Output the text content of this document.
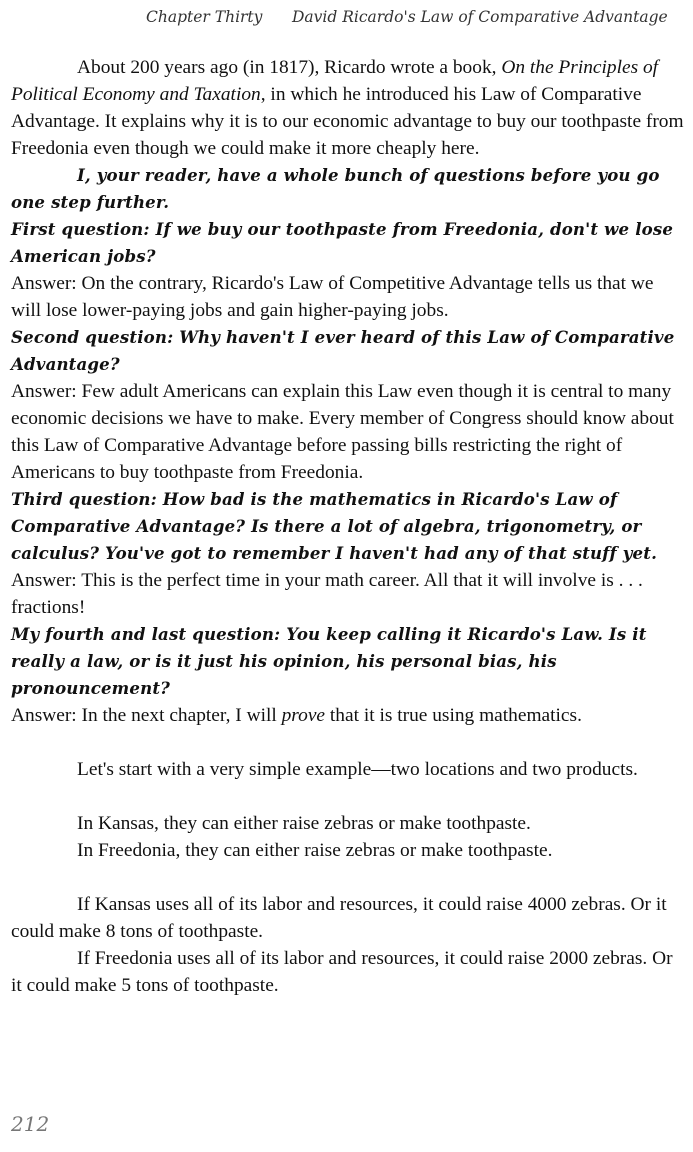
Chapter Thirty David Ricardo's Law of Comparative Advantage

About 200 years ago (in 1817), Ricardo wrote a book, On the Principles of Political Economy and Taxation, in which he introduced his Law of Comparative Advantage. It explains why it is to our economic advantage to buy our toothpaste from Freedonia even though we could make it more cheaply here.

I, your reader, have a whole bunch of questions before you go one step further.

First question: If we buy our toothpaste from Freedonia, don't we lose American jobs?

Answer: On the contrary, Ricardo's Law of Competitive Advantage tells us that we will lose lower-paying jobs and gain higher-paying jobs.

Second question: Why haven't I ever heard of this Law of Comparative Advantage?

Answer: Few adult Americans can explain this Law even though it is central to many economic decisions we have to make. Every member of Congress should know about this Law of Comparative Advantage before passing bills restricting the right of Americans to buy toothpaste from Freedonia.

Third question: How bad is the mathematics in Ricardo's Law of Comparative Advantage? Is there a lot of algebra, trigonometry, or calculus? You've got to remember I haven't had any of that stuff yet.

Answer: This is the perfect time in your math career. All that it will involve is . . . fractions!

My fourth and last question: You keep calling it Ricardo's Law. Is it really a law, or is it just his opinion, his personal bias, his pronouncement?

Answer: In the next chapter, I will prove that it is true using mathematics.

Let's start with a very simple example—two locations and two products.

In Kansas, they can either raise zebras or make toothpaste.

In Freedonia, they can either raise zebras or make toothpaste.

If Kansas uses all of its labor and resources, it could raise 4000 zebras. Or it could make 8 tons of toothpaste.

If Freedonia uses all of its labor and resources, it could raise 2000 zebras. Or it could make 5 tons of toothpaste.

212
